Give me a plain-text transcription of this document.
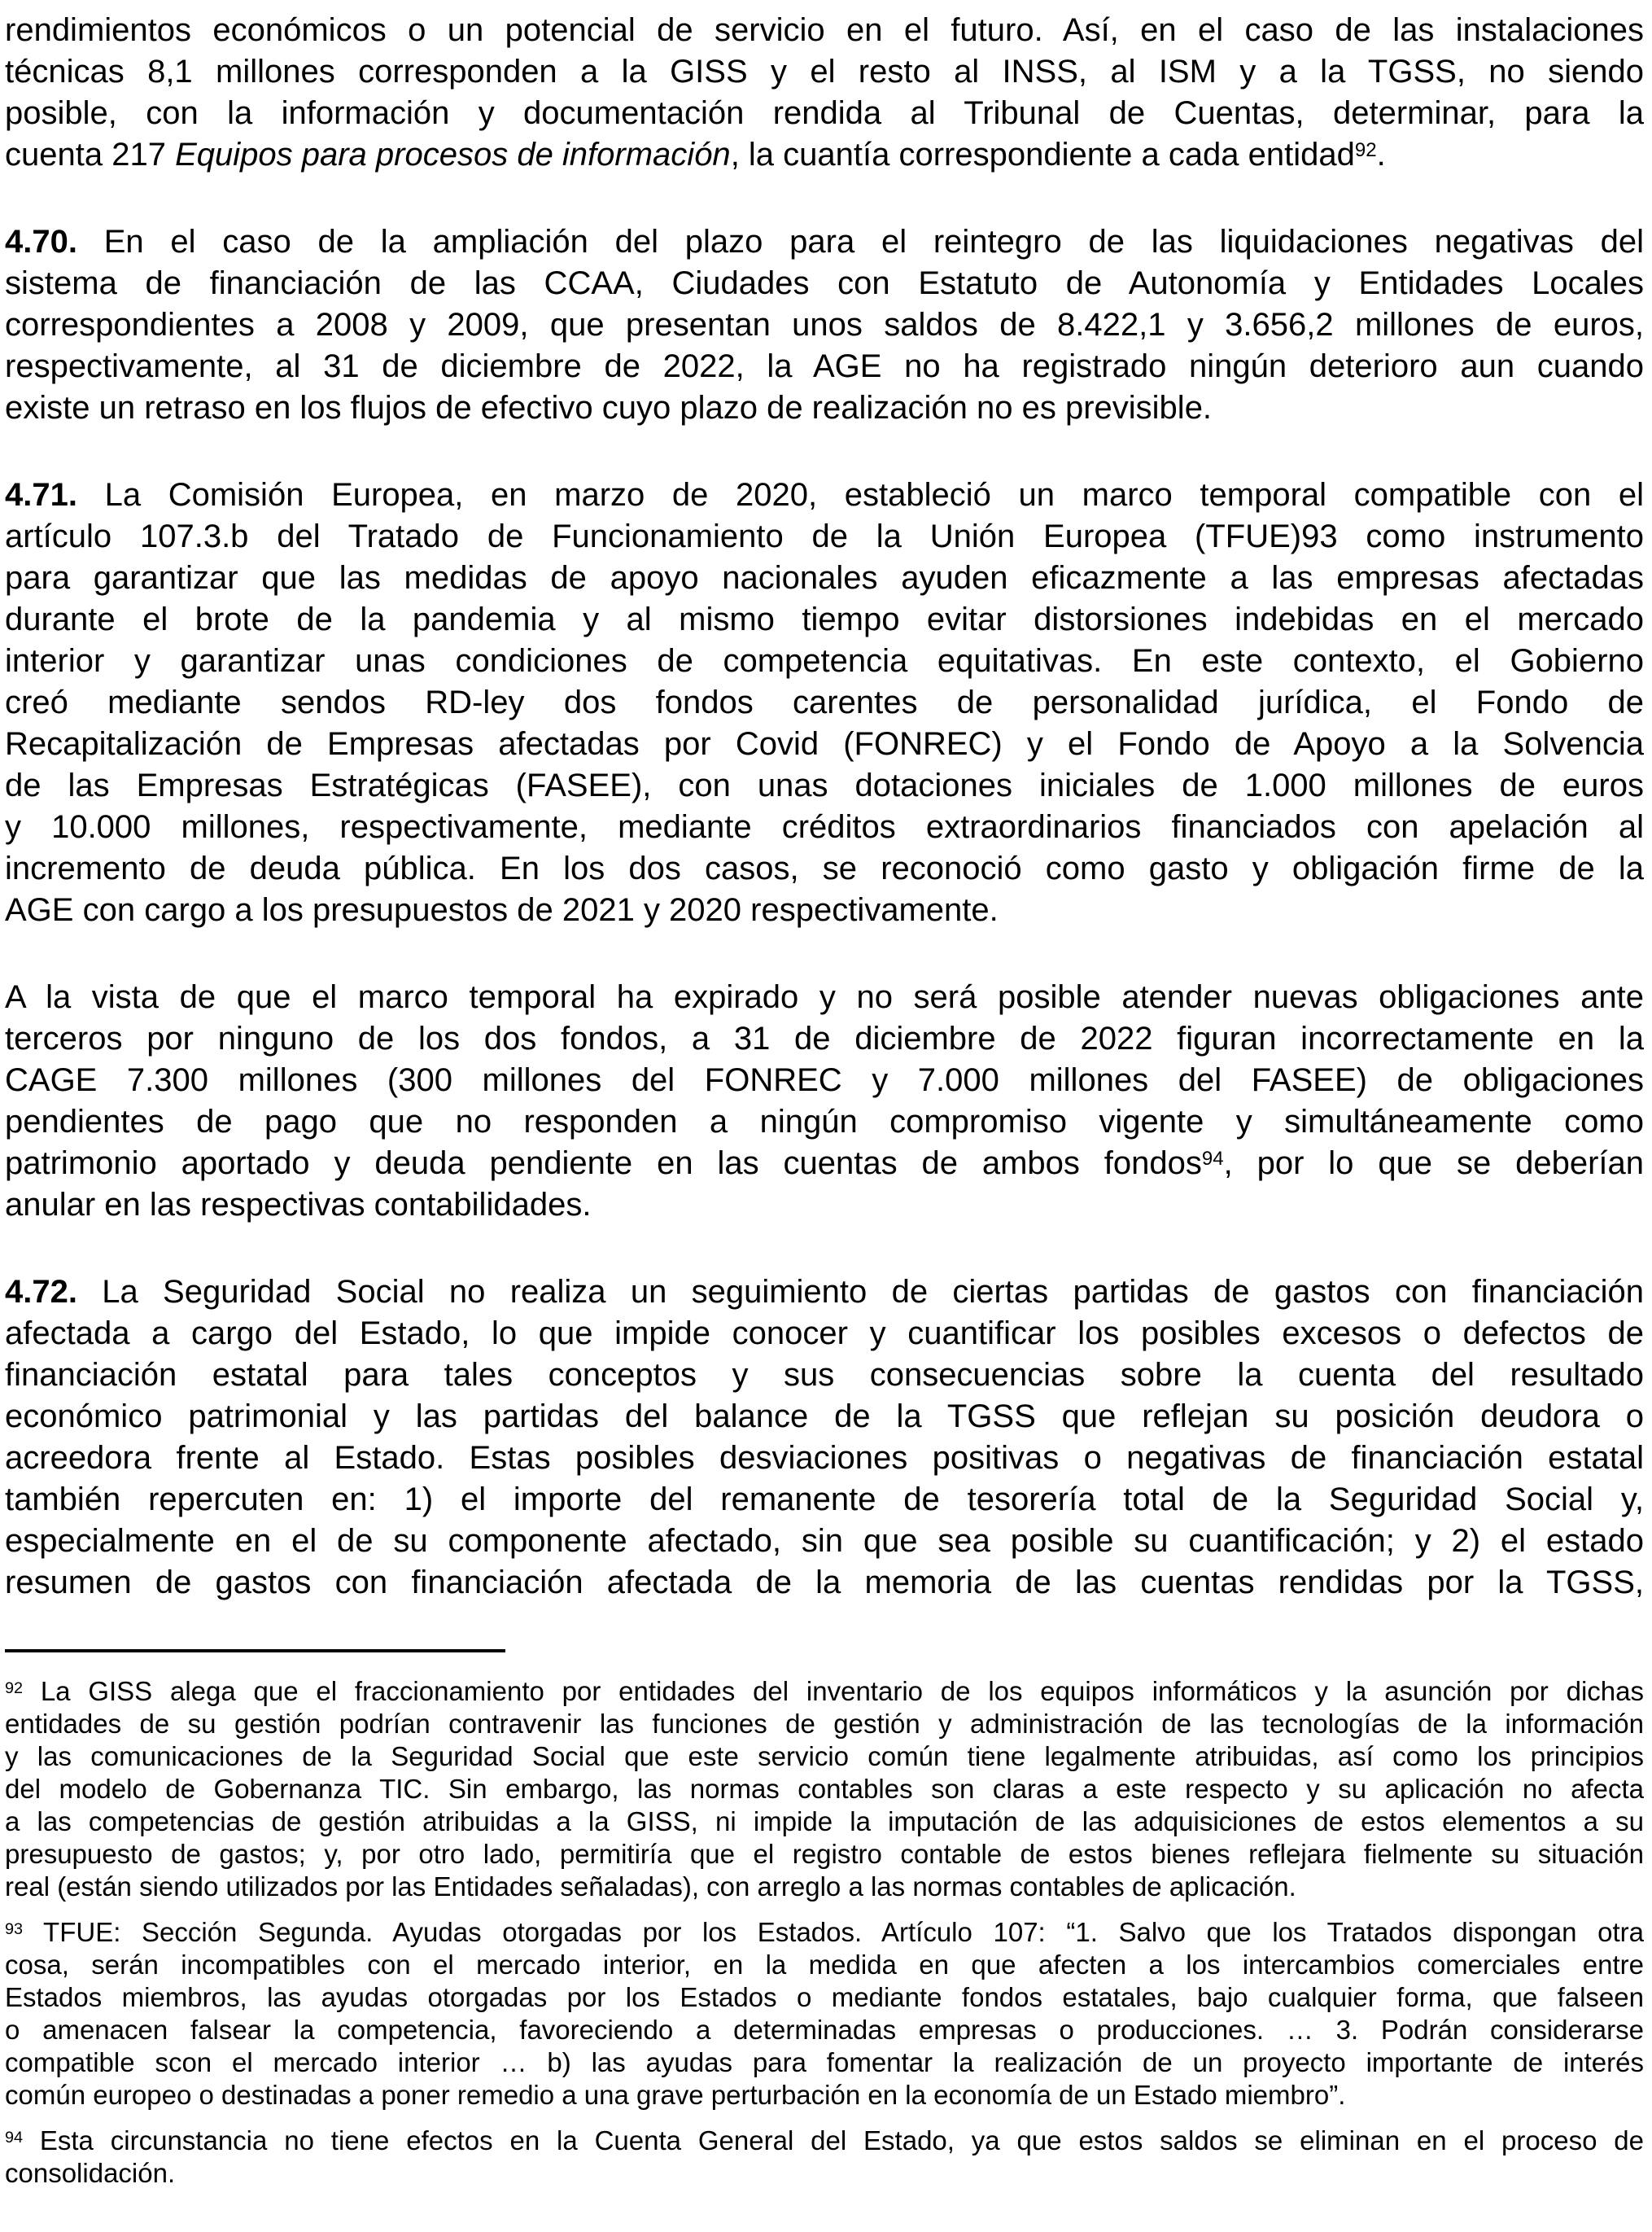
rendimientos económicos o un potencial de servicio en el futuro. Así, en el caso de las instalaciones
técnicas 8,1 millones corresponden a la GISS y el resto al INSS, al ISM y a la TGSS, no siendo
posible, con la información y documentación rendida al Tribunal de Cuentas, determinar, para la
cuenta 217 Equipos para procesos de información, la cuantía correspondiente a cada entidad$^{92}$.
4.70. En el caso de la ampliación del plazo para el reintegro de las liquidaciones negativas del
sistema de financiación de las CCAA, Ciudades con Estatuto de Autonomía y Entidades Locales
correspondientes a 2008 y 2009, que presentan unos saldos de 8.422,1 y 3.656,2 millones de euros,
respectivamente, al 31 de diciembre de 2022, la AGE no ha registrado ningún deterioro aun cuando
existe un retraso en los flujos de efectivo cuyo plazo de realización no es previsible.
4.71. La Comisión Europea, en marzo de 2020, estableció un marco temporal compatible con el
artículo 107.3.b del Tratado de Funcionamiento de la Unión Europea (TFUE)93 como instrumento
para garantizar que las medidas de apoyo nacionales ayuden eficazmente a las empresas afectadas
durante el brote de la pandemia y al mismo tiempo evitar distorsiones indebidas en el mercado
interior y garantizar unas condiciones de competencia equitativas. En este contexto, el Gobierno
creó mediante sendos RD-ley dos fondos carentes de personalidad jurídica, el Fondo de
Recapitalización de Empresas afectadas por Covid (FONREC) y el Fondo de Apoyo a la Solvencia
de las Empresas Estratégicas (FASEE), con unas dotaciones iniciales de 1.000 millones de euros
y 10.000 millones, respectivamente, mediante créditos extraordinarios financiados con apelación al
incremento de deuda pública. En los dos casos, se reconoció como gasto y obligación firme de la
AGE con cargo a los presupuestos de 2021 y 2020 respectivamente.
A la vista de que el marco temporal ha expirado y no será posible atender nuevas obligaciones ante
terceros por ninguno de los dos fondos, a 31 de diciembre de 2022 figuran incorrectamente en la
CAGE 7.300 millones (300 millones del FONREC y 7.000 millones del FASEE) de obligaciones
pendientes de pago que no responden a ningún compromiso vigente y simultáneamente como
patrimonio aportado y deuda pendiente en las cuentas de ambos fondos$^{94}$, por lo que se deberían
anular en las respectivas contabilidades.
4.72. La Seguridad Social no realiza un seguimiento de ciertas partidas de gastos con financiación
afectada a cargo del Estado, lo que impide conocer y cuantificar los posibles excesos o defectos de
financiación estatal para tales conceptos y sus consecuencias sobre la cuenta del resultado
económico patrimonial y las partidas del balance de la TGSS que reflejan su posición deudora o
acreedora frente al Estado. Estas posibles desviaciones positivas o negativas de financiación estatal
también repercuten en: 1) el importe del remanente de tesorería total de la Seguridad Social y,
especialmente en el de su componente afectado, sin que sea posible su cuantificación; y 2) el estado
resumen de gastos con financiación afectada de la memoria de las cuentas rendidas por la TGSS,
$^{92}$ La GISS alega que el fraccionamiento por entidades del inventario de los equipos informáticos y la asunción por dichas
entidades de su gestión podrían contravenir las funciones de gestión y administración de las tecnologías de la información
y las comunicaciones de la Seguridad Social que este servicio común tiene legalmente atribuidas, así como los principios
del modelo de Gobernanza TIC. Sin embargo, las normas contables son claras a este respecto y su aplicación no afecta
a las competencias de gestión atribuidas a la GISS, ni impide la imputación de las adquisiciones de estos elementos a su
presupuesto de gastos; y, por otro lado, permitiría que el registro contable de estos bienes reflejara fielmente su situación
real (están siendo utilizados por las Entidades señaladas), con arreglo a las normas contables de aplicación.
$^{93}$ TFUE: Sección Segunda. Ayudas otorgadas por los Estados. Artículo 107: “1. Salvo que los Tratados dispongan otra
cosa, serán incompatibles con el mercado interior, en la medida en que afecten a los intercambios comerciales entre
Estados miembros, las ayudas otorgadas por los Estados o mediante fondos estatales, bajo cualquier forma, que falseen
o amenacen falsear la competencia, favoreciendo a determinadas empresas o producciones. … 3. Podrán considerarse
compatible scon el mercado interior … b) las ayudas para fomentar la realización de un proyecto importante de interés
común europeo o destinadas a poner remedio a una grave perturbación en la economía de un Estado miembro”.
$^{94}$ Esta circunstancia no tiene efectos en la Cuenta General del Estado, ya que estos saldos se eliminan en el proceso de
consolidación.
